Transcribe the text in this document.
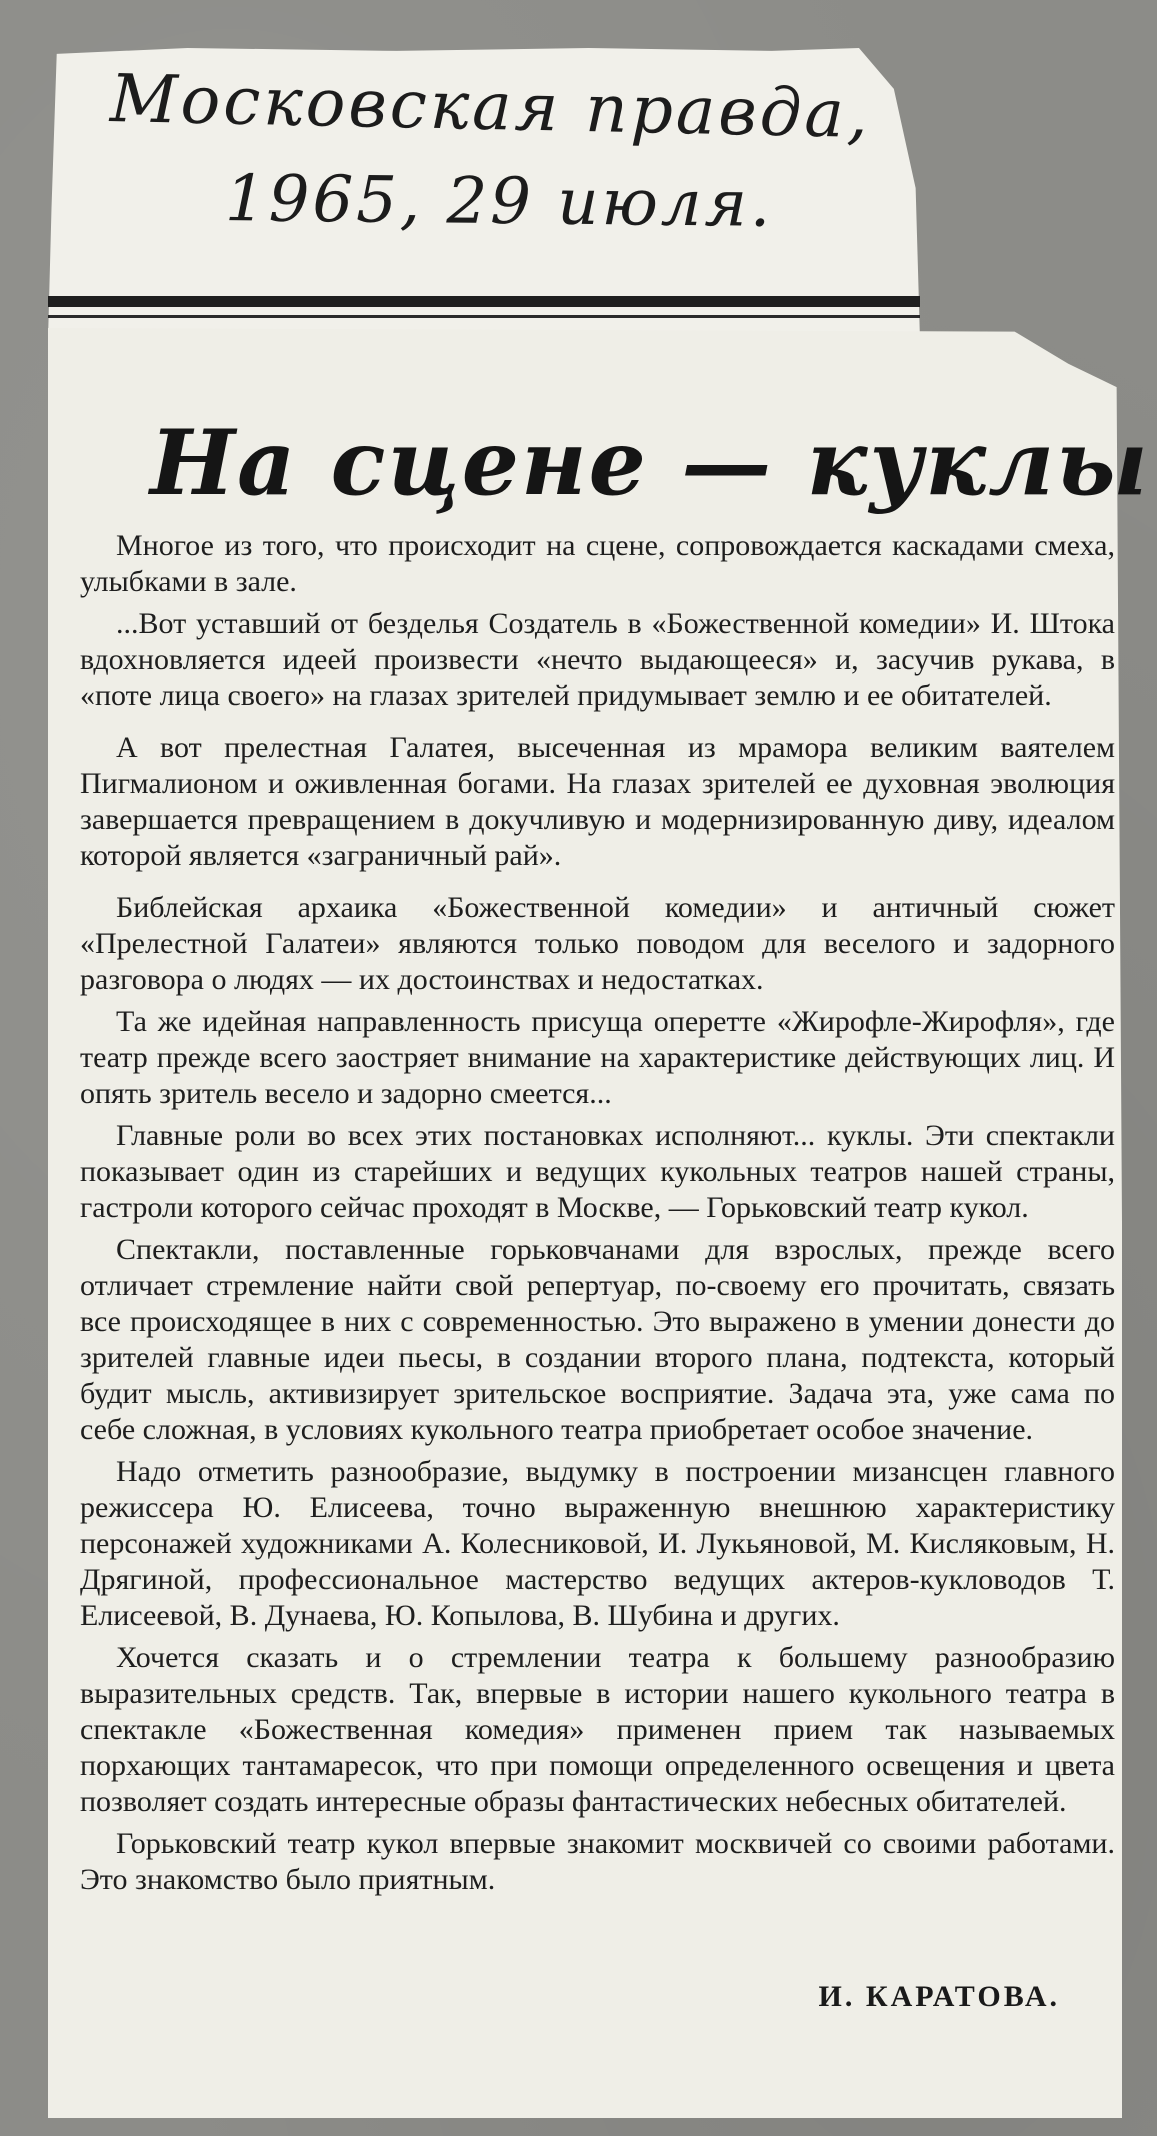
Московская правда,
1965, 29 июля.
На сцене — куклы

Многое из того, что происходит на сцене, сопровождается каскадами смеха, улыбками в зале.

...Вот уставший от безделья Создатель в «Божественной комедии» И. Штока вдохновляется идеей произвести «нечто выдающееся» и, засучив рукава, в «поте лица своего» на глазах зрителей придумывает землю и ее обитателей.

А вот прелестная Галатея, высеченная из мрамора великим ваятелем Пигмалионом и оживленная богами. На глазах зрителей ее духовная эволюция завершается превращением в докучливую и модернизированную диву, идеалом которой является «заграничный рай».

Библейская архаика «Божественной комедии» и античный сюжет «Прелестной Галатеи» являются только поводом для веселого и задорного разговора о людях — их достоинствах и недостатках.

Та же идейная направленность присуща оперетте «Жирофле-Жирофля», где театр прежде всего заостряет внимание на характеристике действующих лиц. И опять зритель весело и задорно смеется...

Главные роли во всех этих постановках исполняют... куклы. Эти спектакли показывает один из старейших и ведущих кукольных театров нашей страны, гастроли которого сейчас проходят в Москве, — Горьковский театр кукол.

Спектакли, поставленные горьковчанами для взрослых, прежде всего отличает стремление найти свой репертуар, по-своему его прочитать, связать все происходящее в них с современностью. Это выражено в умении донести до зрителей главные идеи пьесы, в создании второго плана, подтекста, который будит мысль, активизирует зрительское восприятие. Задача эта, уже сама по себе сложная, в условиях кукольного театра приобретает особое значение.

Надо отметить разнообразие, выдумку в построении мизансцен главного режиссера Ю. Елисеева, точно выраженную внешнюю характеристику персонажей художниками А. Колесниковой, И. Лукьяновой, М. Кисляковым, Н. Дрягиной, профессиональное мастерство ведущих актеров-кукловодов Т. Елисеевой, В. Дунаева, Ю. Копылова, В. Шубина и других.

Хочется сказать и о стремлении театра к большему разнообразию выразительных средств. Так, впервые в истории нашего кукольного театра в спектакле «Божественная комедия» применен прием так называемых порхающих тантамаресок, что при помощи определенного освещения и цвета позволяет создать интересные образы фантастических небесных обитателей.

Горьковский театр кукол впервые знакомит москвичей со своими работами. Это знакомство было приятным.

И. КАРАТОВА.
